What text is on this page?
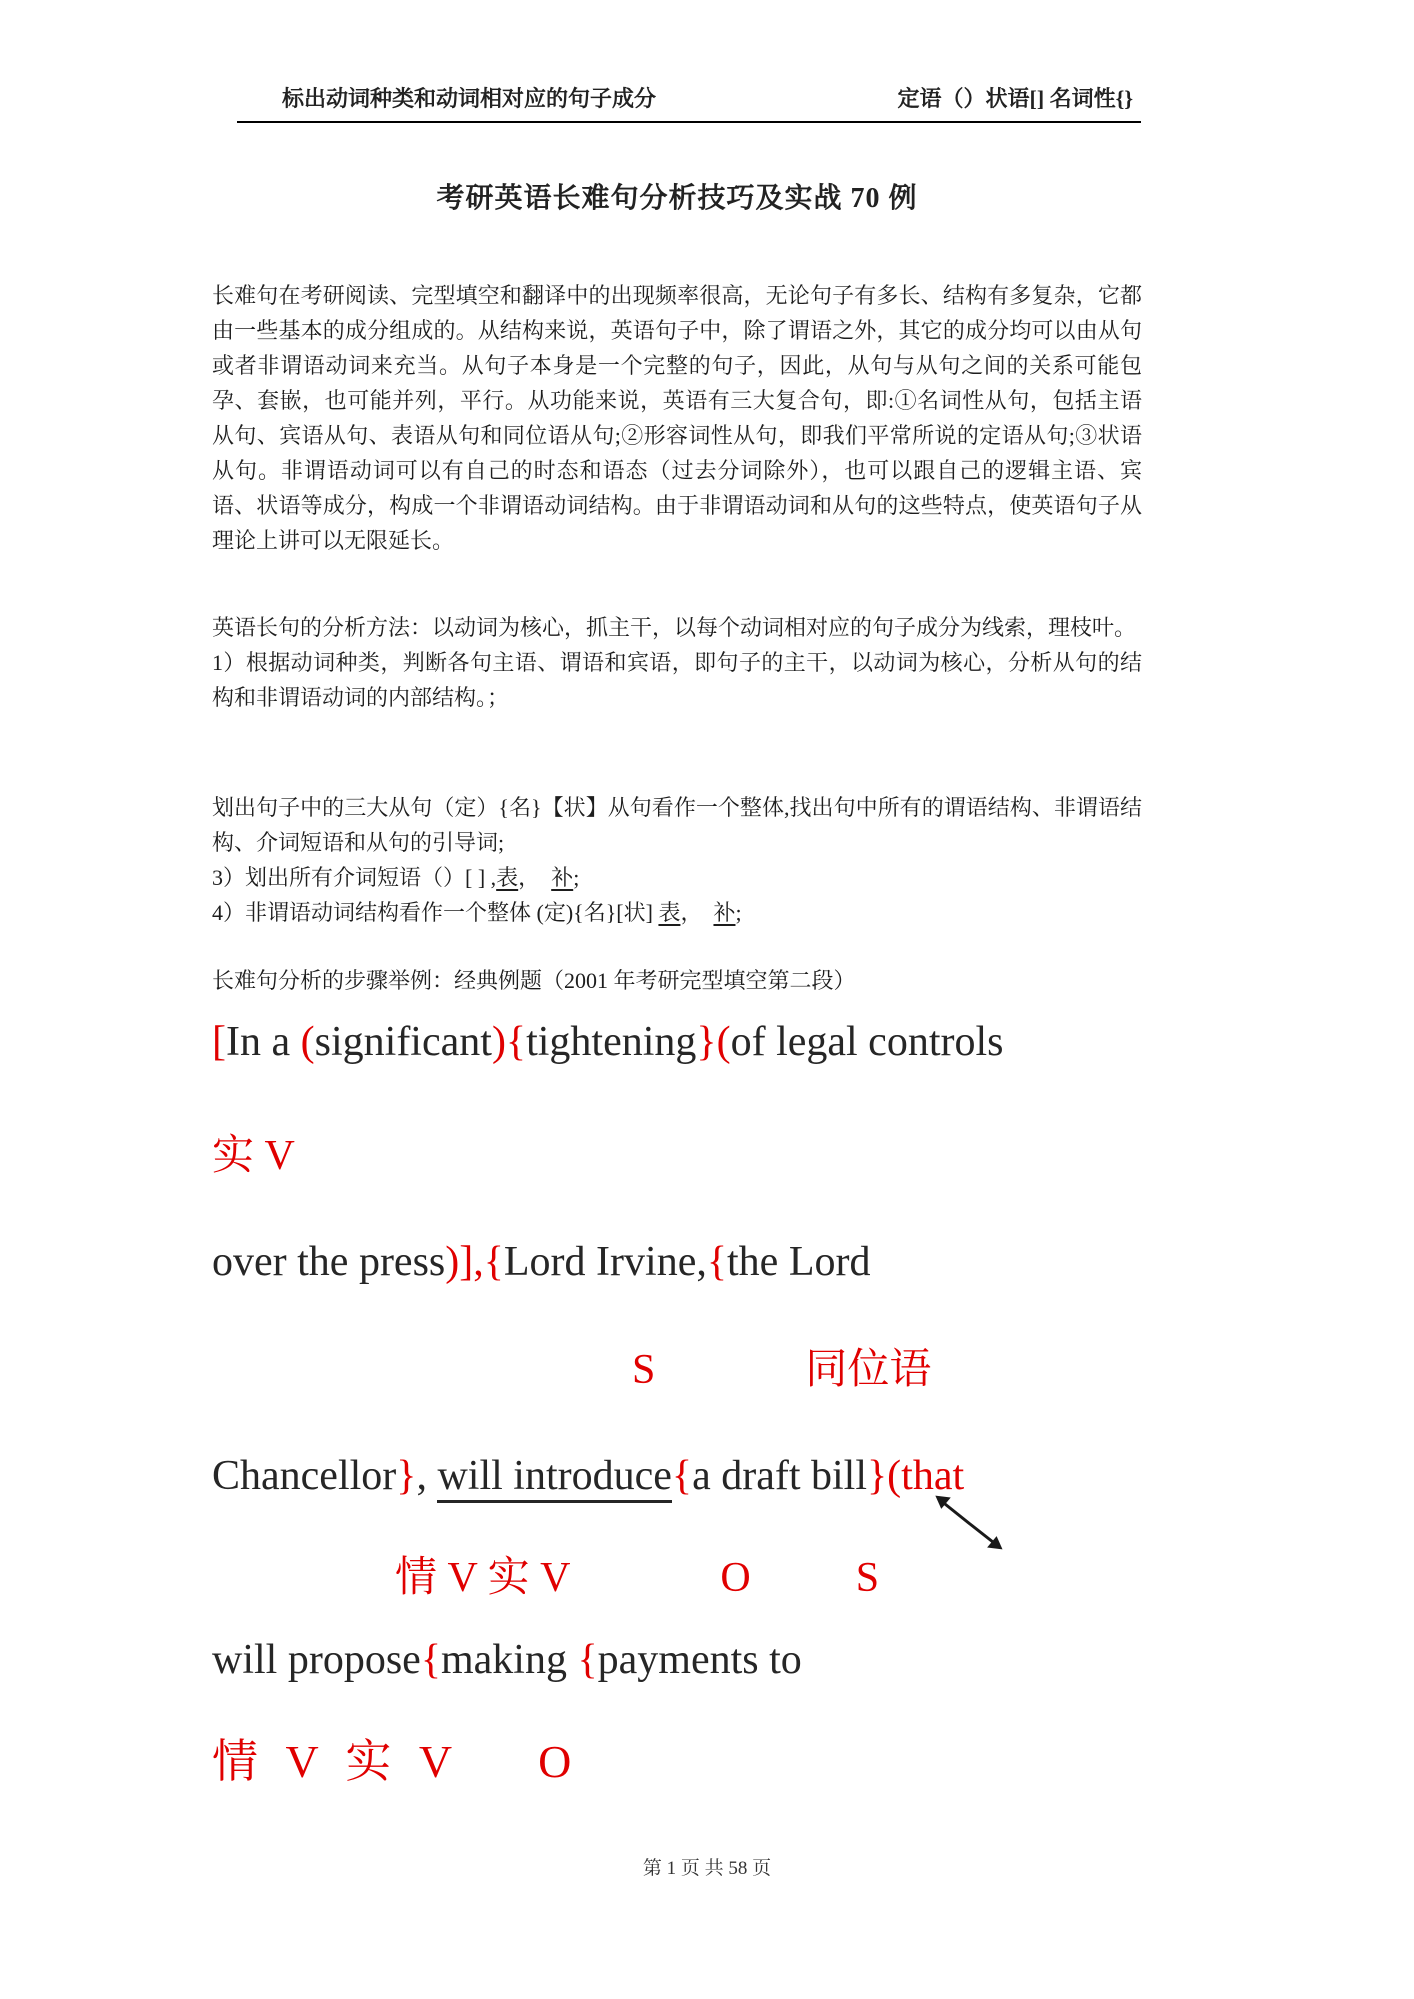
标出动词种类和动词相对应的句子成分	定语（）状语[] 名词性{}
考研英语长难句分析技巧及实战 70 例

长难句在考研阅读、完型填空和翻译中的出现频率很高，无论句子有多长、结构有多复杂，它都由一些基本的成分组成的。从结构来说，英语句子中，除了谓语之外，其它的成分均可以由从句或者非谓语动词来充当。从句子本身是一个完整的句子，因此，从句与从句之间的关系可能包孕、套嵌，也可能并列，平行。从功能来说，英语有三大复合句，即:①名词性从句，包括主语从句、宾语从句、表语从句和同位语从句;②形容词性从句，即我们平常所说的定语从句;③状语从句。非谓语动词可以有自己的时态和语态（过去分词除外），也可以跟自己的逻辑主语、宾语、状语等成分，构成一个非谓语动词结构。由于非谓语动词和从句的这些特点，使英语句子从理论上讲可以无限延长。

英语长句的分析方法：以动词为核心，抓主干，以每个动词相对应的句子成分为线索，理枝叶。

1）根据动词种类，判断各句主语、谓语和宾语，即句子的主干，以动词为核心，分析从句的结构和非谓语动词的内部结构。；

划出句子中的三大从句（定）{名}【状】从句看作一个整体,找出句中所有的谓语结构、非谓语结构、介词短语和从句的引导词;

3）划出所有介词短语（）[ ] ,表，　补;

4）非谓语动词结构看作一个整体 (定){名}[状] 表，　补;

长难句分析的步骤举例：经典例题（2001 年考研完型填空第二段）

[In a (significant){tightening}(of legal controls
实 V
over the press)],{Lord Irvine,{the Lord
S	同位语
Chancellor}, will introduce{a draft bill}(that
情 V 实 V	O	S
will propose{making {payments to
情 V 实 V O
第 1 页 共 58 页
